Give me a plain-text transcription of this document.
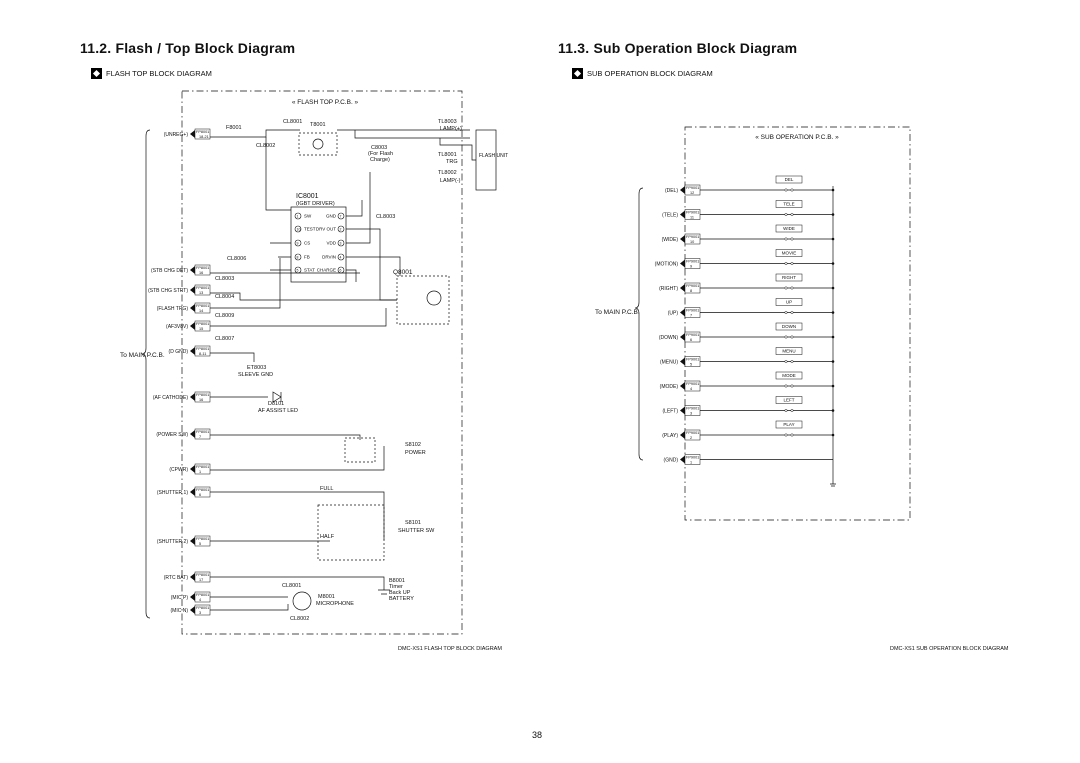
11.2. Flash / Top Block Diagram	11.3. Sub Operation Block Diagram
FLASH TOP BLOCK DIAGRAM	SUB OPERATION BLOCK DIAGRAM
« FLASH TOP P.C.B. »
To MAIN P.C.B.
F8001
CL8001 T8001
CL8002	C8003
(For Flash
Charge)
TL8003
LAMP(+)
TL8001
TRG
TL8002
LAMP(-)
FLASH UNIT
IC8001
(IGBT DRIVER)
CL8003
Q8001
CL8006
CL8003
CL8004
CL8009
CL8007
ET8003
SLEEVE GND
D8101
AF ASSIST LED
S8102
POWER
FULL
HALF
S8101
SHUTTER SW
B8001
Timer
Back UP
BATTERY
CL8001
M8001
MICROPHONE
CL8002
1 SW
10 TEST
9 CS
8 FB
5 STAT
7
GND
2
DRV OUT
3
VDD
4
DRVIN
6
CHARGE
FP8001
18-21
(UNREG+)
FP8001
16
(STB CHG DET)
FP8001
13
(STB CHG STRT)
FP8001
14
(FLASH TRG)
FP8001
15
(AF3V8V)
FP8001
8-11
(D GND)
FP8001
16
(AF CATHODE)
FP8001
7
(POWER SW)
FP8001
1
(CPWR)
FP8001
6
(SHUTTER 1)
FP8001
5
(SHUTTER 2)
FP8001
17
(RTC BAT)
FP8001
4
(MIC P)
FP8001
3
(MIC N)
« SUB OPERATION P.C.B. »
To MAIN P.C.B.
FP9001
12
(DEL)
DEL
FP9001
11
(TELE)
TELE
FP9001
10
(WIDE)
WIDE
FP9001
9
(MOTION)
MOVIE
FP9001
8
(RIGHT)
RIGHT
FP9001
7
(UP)
UP
FP9001
6
(DOWN)
DOWN
FP9001
5
(MENU)
MENU
FP9001
4
(MODE)
MODE
FP9001
3
(LEFT)
LEFT
FP9001
2
(PLAY)
PLAY
FP9001
1
(GND)
DMC-XS1 FLASH TOP BLOCK DIAGRAM	DMC-XS1 SUB OPERATION BLOCK DIAGRAM
38
